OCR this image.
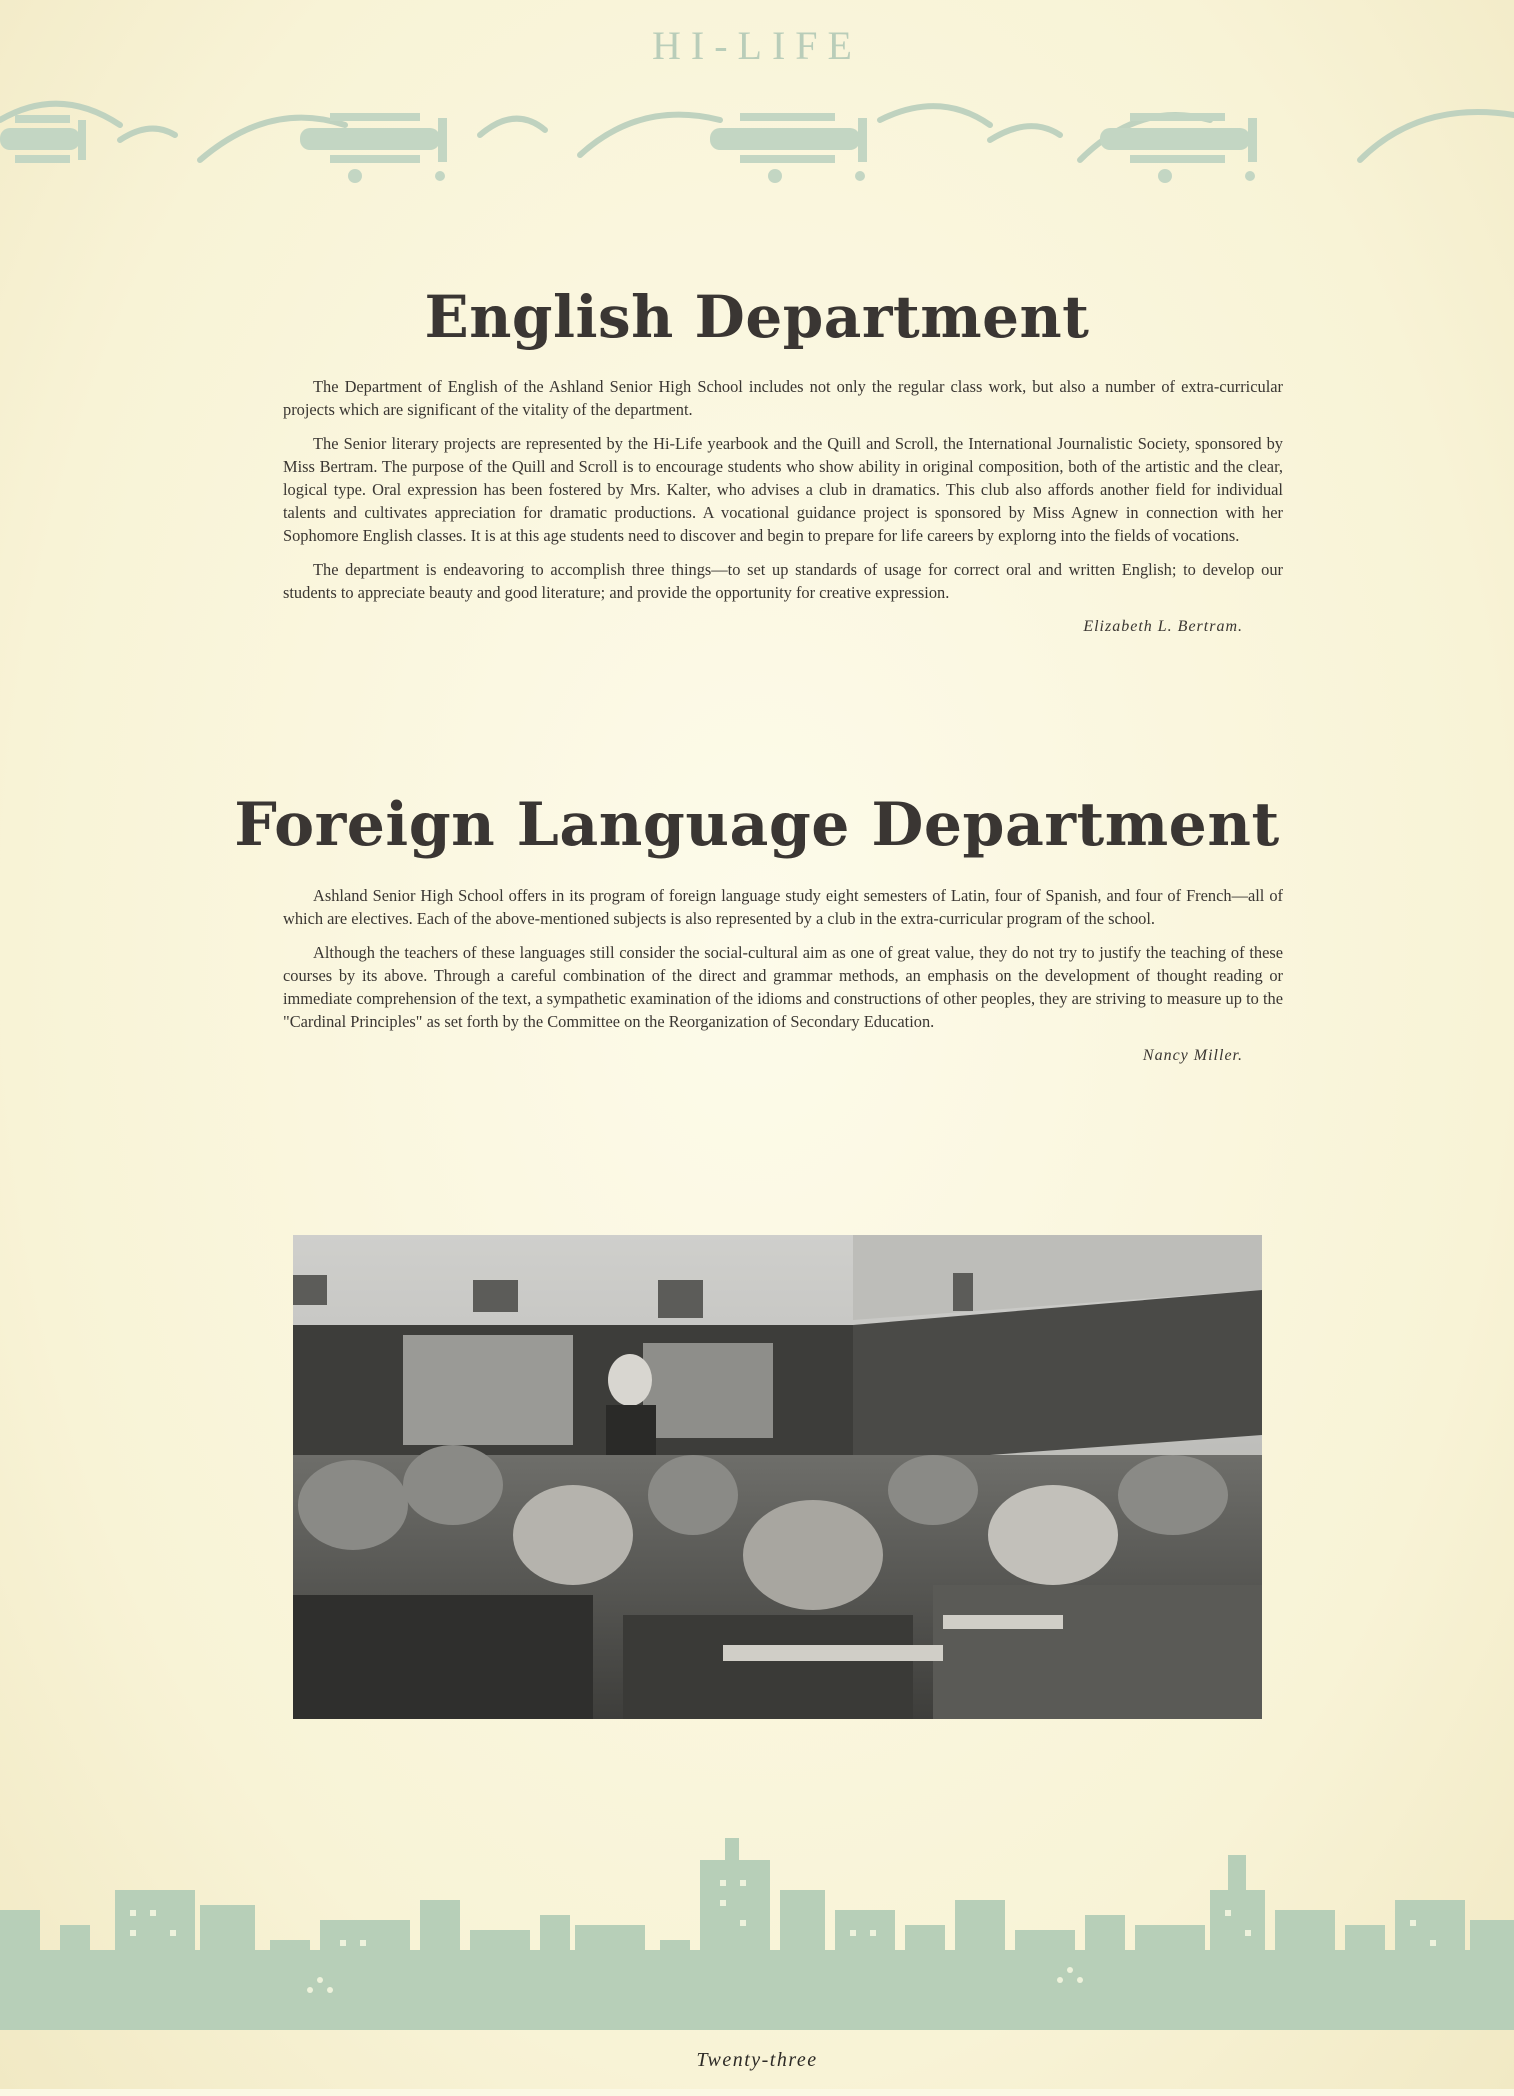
HI-LIFE
English Department

The Department of English of the Ashland Senior High School includes not only the regular class work, but also a number of extra-curricular projects which are significant of the vitality of the department.

The Senior literary projects are represented by the Hi-Life yearbook and the Quill and Scroll, the International Journalistic Society, sponsored by Miss Bertram. The purpose of the Quill and Scroll is to encourage students who show ability in original composition, both of the artistic and the clear, logical type. Oral expression has been fostered by Mrs. Kalter, who advises a club in dramatics. This club also affords another field for individual talents and cultivates appreciation for dramatic productions. A vocational guidance project is sponsored by Miss Agnew in connection with her Sophomore English classes. It is at this age students need to discover and begin to prepare for life careers by explorng into the fields of vocations.

The department is endeavoring to accomplish three things—to set up standards of usage for correct oral and written English; to develop our students to appreciate beauty and good literature; and provide the opportunity for creative expression.

Elizabeth L. Bertram.
Foreign Language Department

Ashland Senior High School offers in its program of foreign language study eight semesters of Latin, four of Spanish, and four of French—all of which are electives. Each of the above-mentioned subjects is also represented by a club in the extra-curricular program of the school.

Although the teachers of these languages still consider the social-cultural aim as one of great value, they do not try to justify the teaching of these courses by its above. Through a careful combination of the direct and grammar methods, an emphasis on the development of thought reading or immediate comprehension of the text, a sympathetic examination of the idioms and constructions of other peoples, they are striving to measure up to the "Cardinal Principles" as set forth by the Committee on the Reorganization of Secondary Education.

Nancy Miller.
Twenty-three
